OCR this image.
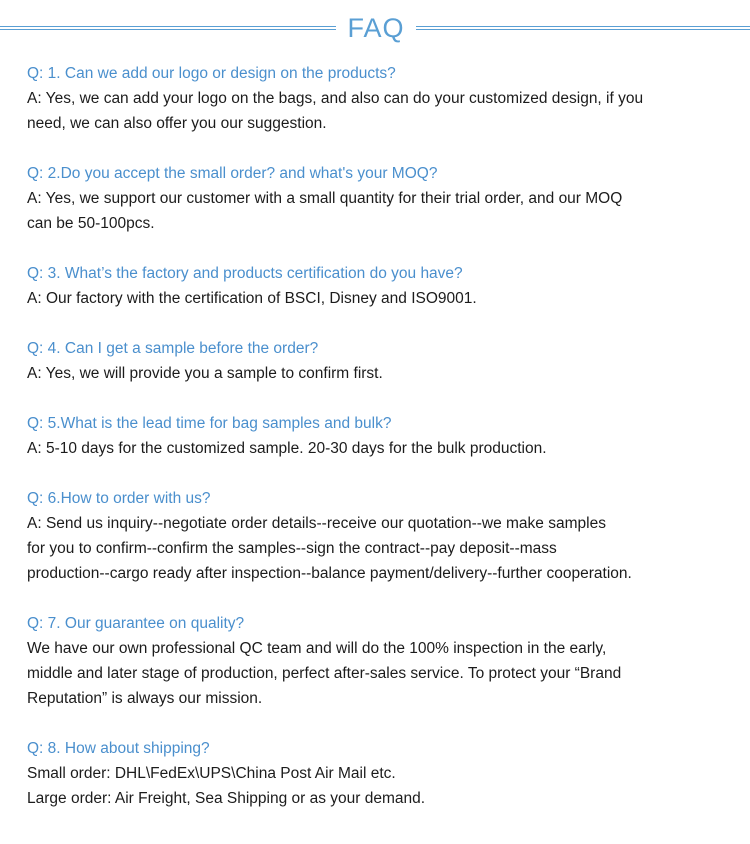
FAQ
Q: 1. Can we add our logo or design on the products?
A: Yes, we can add your logo on the bags, and also can do your customized design, if you
need, we can also offer you our suggestion.
Q: 2.Do you accept the small order? and what's your MOQ?
A: Yes, we support our customer with a small quantity for their trial order, and our MOQ
can be 50-100pcs.
Q: 3. What’s the factory and products certification do you have?
A: Our factory with the certification of BSCI, Disney and ISO9001.
Q: 4. Can I get a sample before the order?
A: Yes, we will provide you a sample to confirm first.
Q: 5.What is the lead time for bag samples and bulk?
A: 5-10 days for the customized sample. 20-30 days for the bulk production.
Q: 6.How to order with us?
A: Send us inquiry--negotiate order details--receive our quotation--we make samples
for you to confirm--confirm the samples--sign the contract--pay deposit--mass
production--cargo ready after inspection--balance payment/delivery--further cooperation.
Q: 7. Our guarantee on quality?
We have our own professional QC team and will do the 100% inspection in the early,
middle and later stage of production, perfect after-sales service. To protect your “Brand
Reputation” is always our mission.
Q: 8. How about shipping?
Small order: DHL\FedEx\UPS\China Post Air Mail etc.
Large order: Air Freight, Sea Shipping or as your demand.
